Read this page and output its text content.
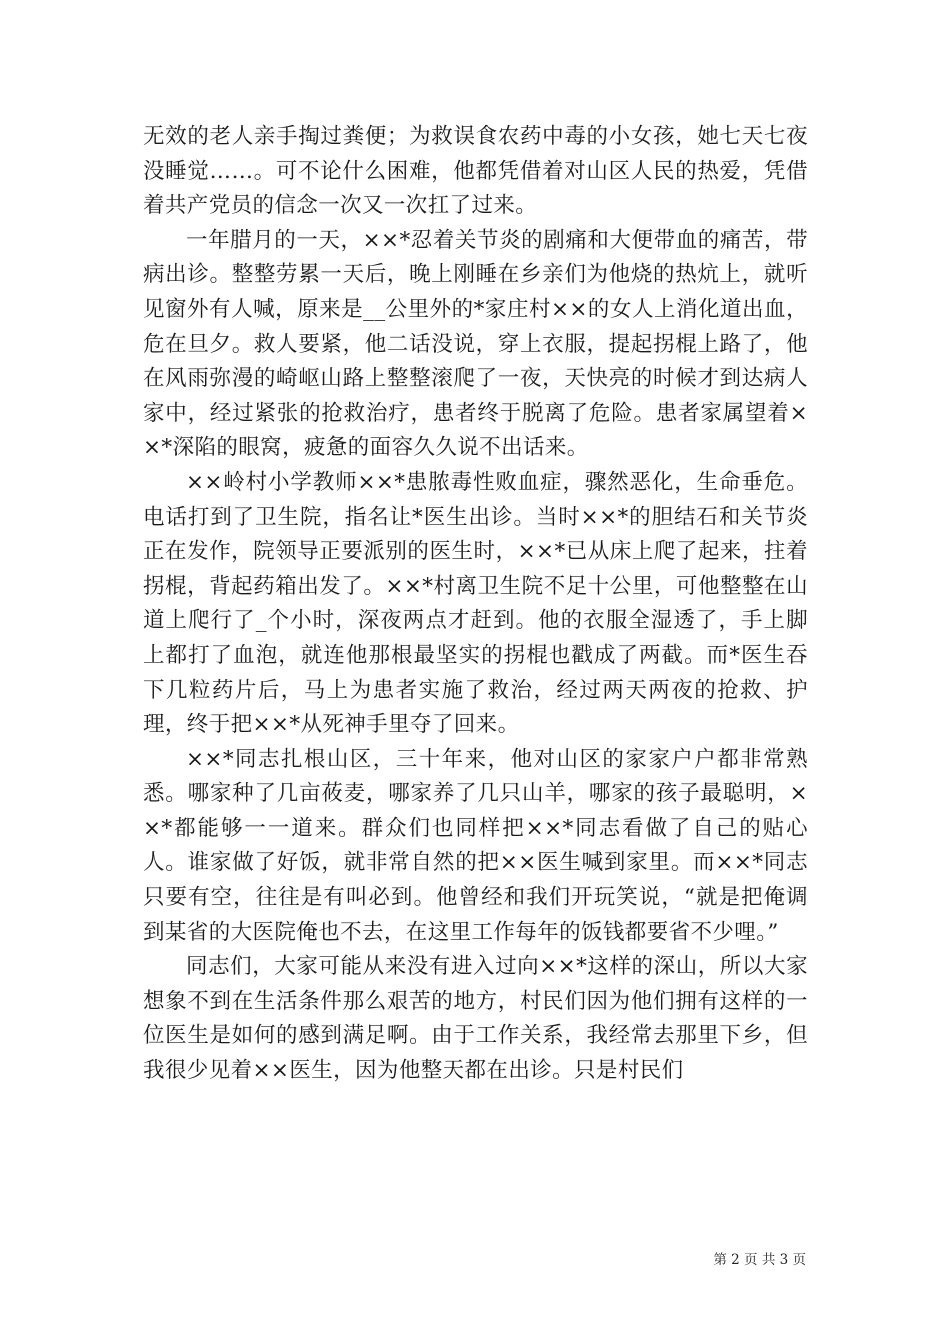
无效的老人亲手掏过粪便；为救误食农药中毒的小女孩，她七天七夜没睡觉……。可不论什么困难，他都凭借着对山区人民的热爱，凭借着共产党员的信念一次又一次扛了过来。

一年腊月的一天，××*忍着关节炎的剧痛和大便带血的痛苦，带病出诊。整整劳累一天后，晚上刚睡在乡亲们为他烧的热炕上，就听见窗外有人喊，原来是__公里外的*家庄村××的女人上消化道出血，危在旦夕。救人要紧，他二话没说，穿上衣服，提起拐棍上路了，他在风雨弥漫的崎岖山路上整整滚爬了一夜，天快亮的时候才到达病人家中，经过紧张的抢救治疗，患者终于脱离了危险。患者家属望着××*深陷的眼窝，疲惫的面容久久说不出话来。

××岭村小学教师××*患脓毒性败血症，骤然恶化，生命垂危。电话打到了卫生院，指名让*医生出诊。当时××*的胆结石和关节炎正在发作，院领导正要派别的医生时，××*已从床上爬了起来，拄着拐棍，背起药箱出发了。××*村离卫生院不足十公里，可他整整在山道上爬行了_个小时，深夜两点才赶到。他的衣服全湿透了，手上脚上都打了血泡，就连他那根最坚实的拐棍也戳成了两截。而*医生吞下几粒药片后，马上为患者实施了救治，经过两天两夜的抢救、护理，终于把××*从死神手里夺了回来。

××*同志扎根山区，三十年来，他对山区的家家户户都非常熟悉。哪家种了几亩莜麦，哪家养了几只山羊，哪家的孩子最聪明，××*都能够一一道来。群众们也同样把××*同志看做了自己的贴心人。谁家做了好饭，就非常自然的把××医生喊到家里。而××*同志只要有空，往往是有叫必到。他曾经和我们开玩笑说，“就是把俺调到某省的大医院俺也不去，在这里工作每年的饭钱都要省不少哩。”

同志们，大家可能从来没有进入过向××*这样的深山，所以大家想象不到在生活条件那么艰苦的地方，村民们因为他们拥有这样的一位医生是如何的感到满足啊。由于工作关系，我经常去那里下乡，但我很少见着××医生，因为他整天都在出诊。只是村民们

第 2 页 共 3 页
